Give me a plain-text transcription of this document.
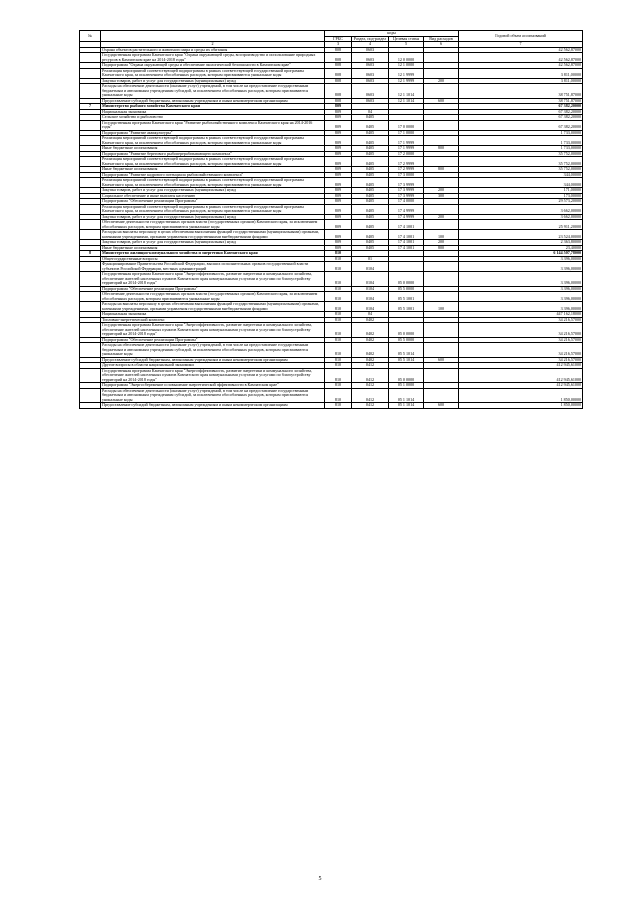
№		коды				Годовой объем ассигнований
		ГРБС	Раздел, под-раздел	Целевая статья	Вид расходов	
	2	3	4	5	6	7
	Охрана объектов растительного и животного мира и среды их обитания	808	0603			42 562,87000
	Государственная программа Камчатского края "Охрана окружающей среды, воспроизводство и использование природных ресурсов в Камчатском крае на 2014-2018 годы"	808	0603	12 0 0000		42 562,87000
	Подпрограмма "Охрана окружающей среды и обеспечение экологической безопасности в Камчатском крае"	808	0603	12 1 0000		42 562,87000
	Реализация мероприятий соответствующей подпрограммы в рамках соответствующей государственной программы Камчатского края, за исключением обособленных расходов, которым присваиваются уникальные коды	808	0603	12 1 9999		3 811,00000
	Закупка товаров, работ и услуг для государственных (муниципальных) нужд	808	0603	12 1 9999	200	3 811,00000
	Расходы на обеспечение деятельности (оказание услуг) учреждений, в том числе на предоставление государственным бюджетным и автономным учреждениям субсидий, за исключением обособленных расходов, которым присваиваются уникальные коды	808	0603	12 1 1014		38 751,87000
	Предоставление субсидий бюджетным, автономным учреждениям и иным некоммерческим организациям	808	0603	12 1 1014	600	38 751,87000
7	Министерство рыбного хозяйства Камчатского края	809				67 382,20000
	Национальная экономика	809	04			67 382,20000
	Сельское хозяйство и рыболовство	809	0405			67 382,20000
	Государственная программа Камчатского края "Развитие рыбохозяйственного комплекса Камчатского края на 2014-2016 годы"	809	0405	17 0 0000		67 382,20000
	Подпрограмма "Развитие аквакультуры"	809	0405	17 1 0000		1 733,00000
	Реализация мероприятий соответствующей подпрограммы в рамках соответствующей государственной программы Камчатского края, за исключением обособленных расходов, которым присваиваются уникальные коды	809	0405	17 1 9999		1 733,00000
	Иные бюджетные ассигнования	809	0405	17 1 9999	800	1 733,00000
	Подпрограмма "Развитие берегового рыбоперерабатывающего комплекса"	809	0405	17 2 0000		35 752,00000
	Реализация мероприятий соответствующей подпрограммы в рамках соответствующей государственной программы Камчатского края, за исключением обособленных расходов, которым присваиваются уникальные коды	809	0405	17 2 9999		35 752,00000
	Иные бюджетные ассигнования	809	0405	17 2 9999	800	35 752,00000
	Подпрограмма "Развитие кадрового потенциала рыбохозяйственного комплекса"	809	0405	17 3 0000		344,00000
	Реализация мероприятий соответствующей подпрограммы в рамках соответствующей государственной программы Камчатского края, за исключением обособленных расходов, которым присваиваются уникальные коды	809	0405	17 3 9999		344,00000
	Закупка товаров, работ и услуг для государственных (муниципальных) нужд	809	0405	17 3 9999	200	171,00000
	Социальное обеспечение и иные выплаты населению	809	0405	17 3 9999	300	173,00000
	Подпрограмма "Обеспечение реализации Программы"	809	0405	17 4 0000		29 573,20000
	Реализация мероприятий соответствующей подпрограммы в рамках соответствующей государственной программы Камчатского края, за исключением обособленных расходов, которым присваиваются уникальные коды	809	0405	17 4 9999		3 662,00000
	Закупка товаров, работ и услуг для государственных (муниципальных) нужд	809	0405	17 4 9999	200	3 662,00000
	Обеспечение деятельности государственных органов власти (государственных органов) Камчатского края, за исключением обособленных расходов, которым присваиваются уникальные коды	809	0405	17 4 1001		25 911,20000
	Расходы на выплаты персоналу в целях обеспечения выполнения функций государственными (муниципальными) органами, казенными учреждениями, органами управления государственными внебюджетными фондами	809	0405	17 4 1001	100	23 524,00000
	Закупка товаров, работ и услуг для государственных (муниципальных) нужд	809	0405	17 4 1001	200	2 363,80000
	Иные бюджетные ассигнования	809	0405	17 4 1001	800	23,40000
8	Министерство жилищно-коммунального хозяйства и энергетики Камчатского края	810				6 144 507,78000
	Общегосударственные вопросы	810	01			3 396,00000
	Функционирование Правительства Российской Федерации, высших исполнительных органов государственной власти субъектов Российской Федерации, местных администраций	810	0104			3 396,00000
	Государственная программа Камчатского края "Энергоэффективность, развитие энергетики и коммунального хозяйства, обеспечение жителей населенных пунктов Камчатского края коммунальными услугами и услугами по благоустройству территорий на 2014-2018 годы"	810	0104	05 0 0000		3 396,00000
	Подпрограмма "Обеспечение реализации Программы"	810	0104	05 5 0000		3 396,00000
	Обеспечение деятельности государственных органов власти (государственных органов) Камчатского края, за исключением обособленных расходов, которым присваиваются уникальные коды	810	0104	05 5 1001		3 396,00000
	Расходы на выплаты персоналу в целях обеспечения выполнения функций государственными (муниципальными) органами, казенными учреждениями, органами управления государственными внебюджетными фондами	810	0104	05 5 1001	100	3 396,00000
	Национальная экономика	810	04			447 162,18000
	Топливно-энергетический комплекс	810	0402			34 216,57000
	Государственная программа Камчатского края "Энергоэффективность, развитие энергетики и коммунального хозяйства, обеспечение жителей населенных пунктов Камчатского края коммунальными услугами и услугами по благоустройству территорий на 2014-2018 годы"	810	0402	05 0 0000		34 216,57000
	Подпрограмма "Обеспечение реализации Программы"	810	0402	05 5 0000		34 216,57000
	Расходы на обеспечение деятельности (оказание услуг) учреждений, в том числе на предоставление государственным бюджетным и автономным учреждениям субсидий, за исключением обособленных расходов, которым присваиваются уникальные коды	810	0402	05 5 1014		34 216,57000
	Предоставление субсидий бюджетным, автономным учреждениям и иным некоммерческим организациям	810	0402	05 5 1014	600	34 216,57000
	Другие вопросы в области национальной экономики	810	0412			412 945,61000
	Государственная программа Камчатского края "Энергоэффективность, развитие энергетики и коммунального хозяйства, обеспечение жителей населенных пунктов Камчатского края коммунальными услугами и услугами по благоустройству территорий на 2014-2018 годы"	810	0412	05 0 0000		412 945,61000
	Подпрограмма "Энергосбережение и повышение энергетической эффективности в Камчатском крае"	810	0412	05 1 0000		412 945,61000
	Расходы на обеспечение деятельности (оказание услуг) учреждений, в том числе на предоставление государственным бюджетным и автономным учреждениям субсидий, за исключением обособленных расходов, которым присваиваются уникальные коды	810	0412	05 1 1014		1 850,00000
	Предоставление субсидий бюджетным, автономным учреждениям и иным некоммерческим организациям	810	0412	05 1 1014	600	1 850,00000
5
